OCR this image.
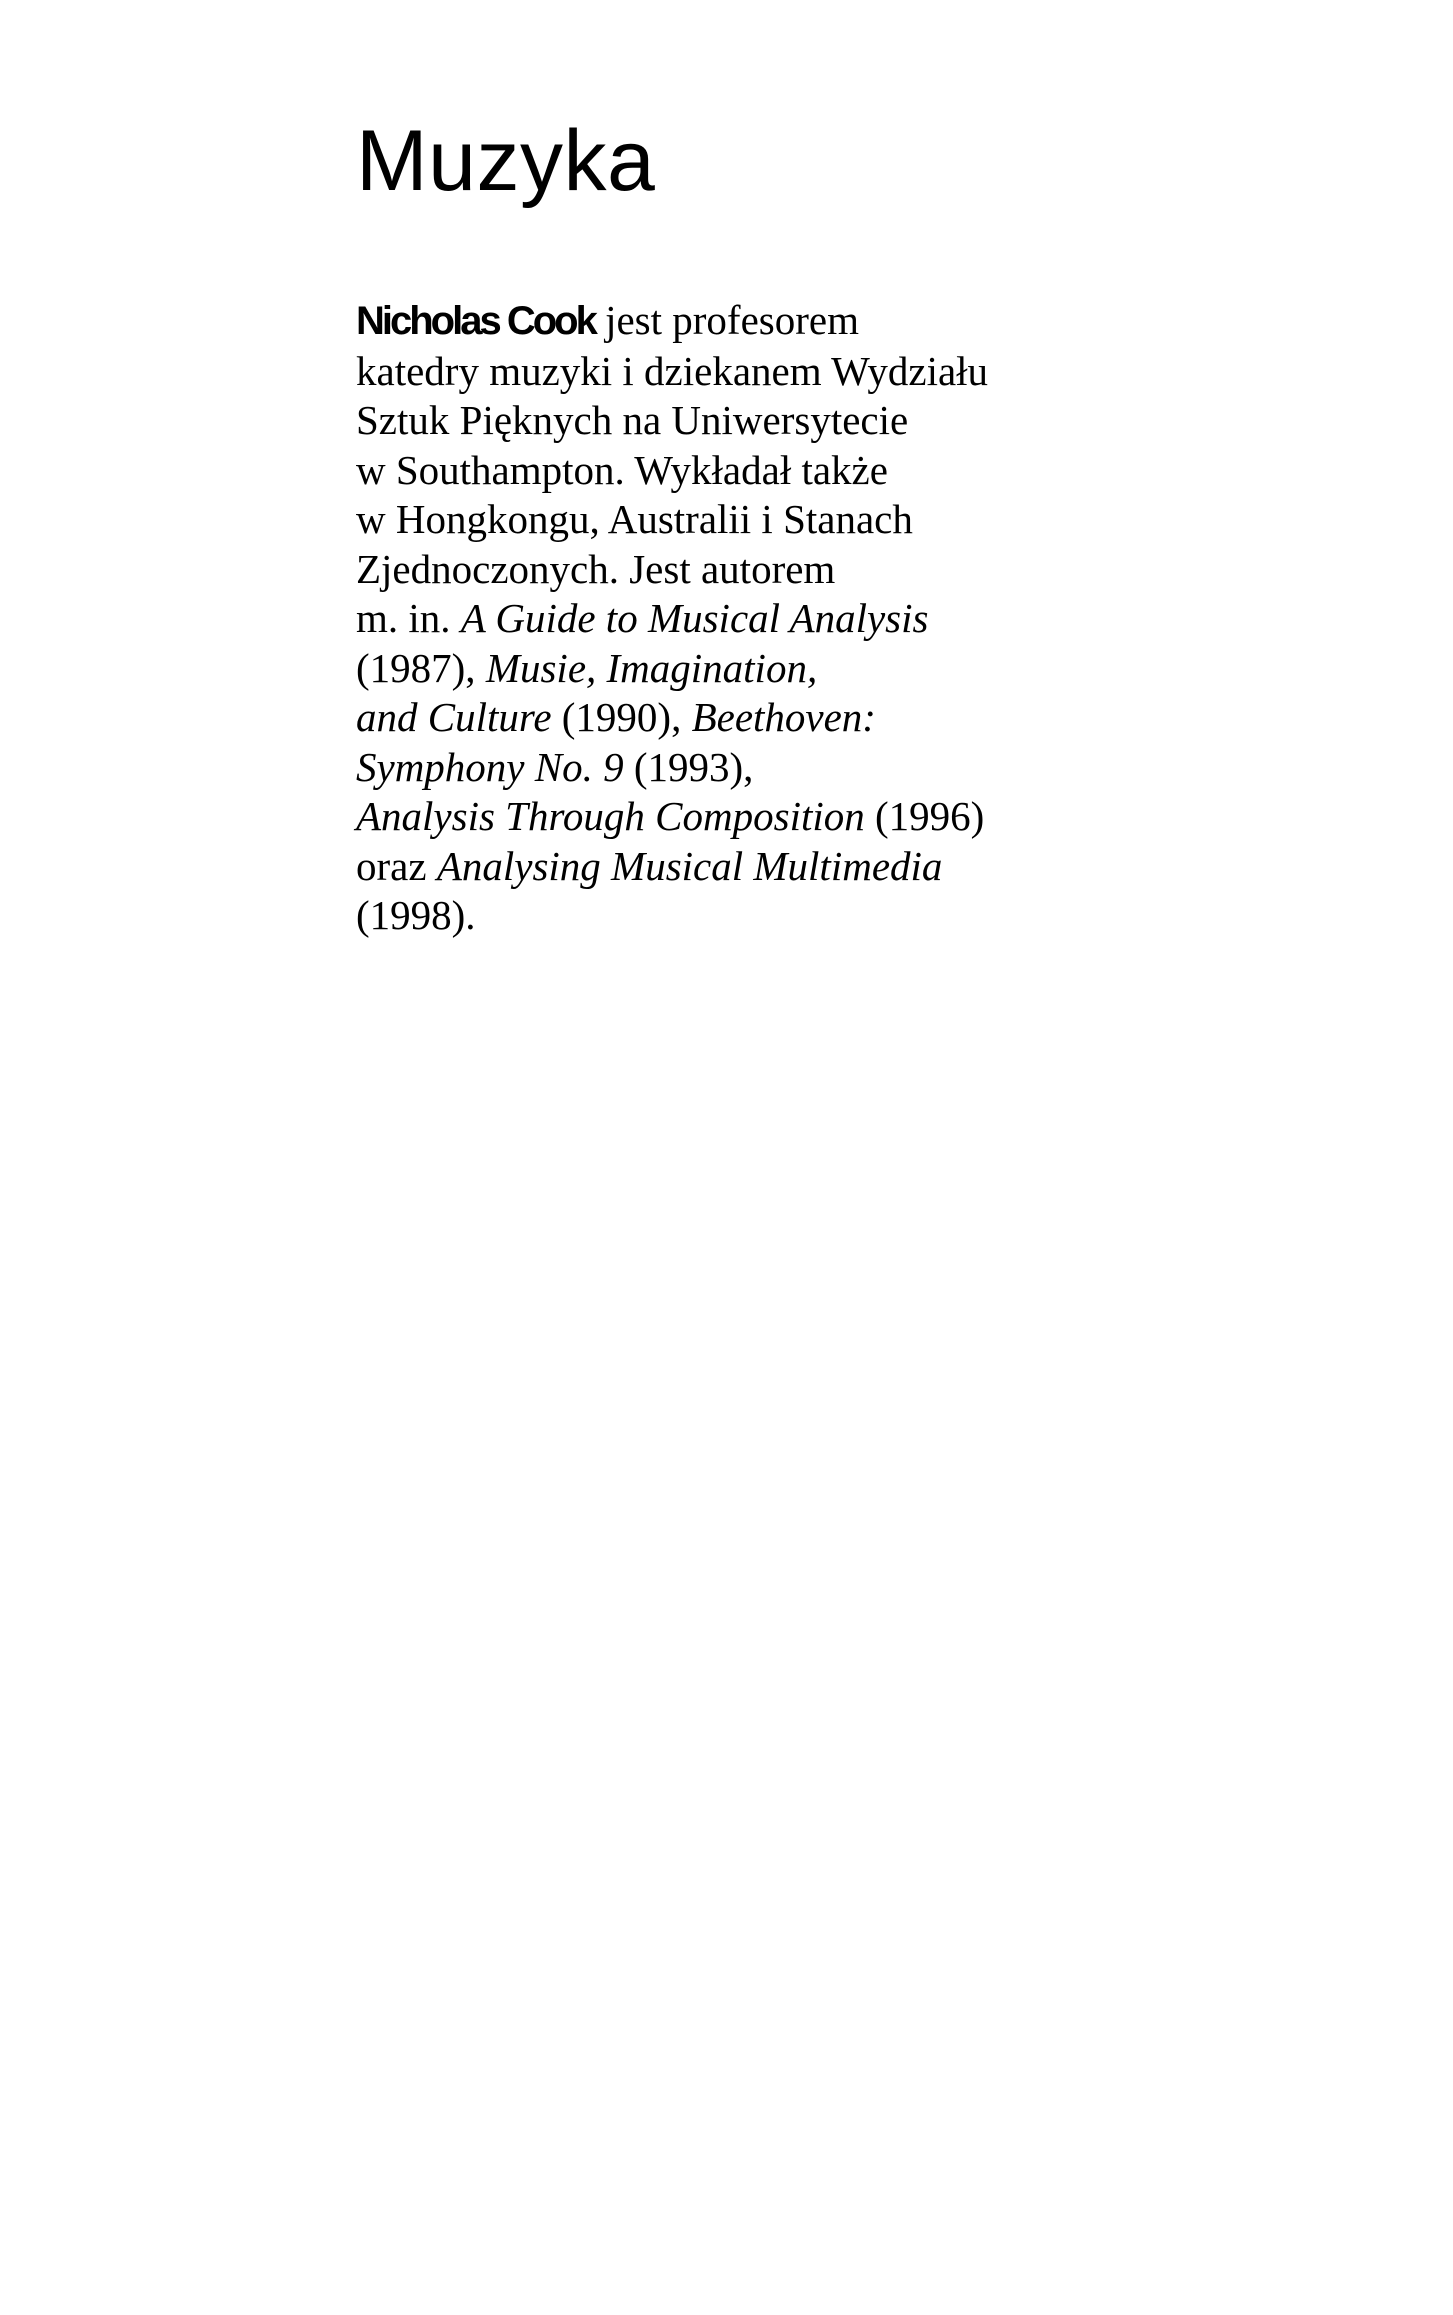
Muzyka
Nicholas Cook jest profesorem
katedry muzyki i dziekanem Wydziału
Sztuk Pięknych na Uniwersytecie
w Southampton. Wykładał także
w Hongkongu, Australii i Stanach
Zjednoczonych. Jest autorem
m. in. A Guide to Musical Analysis
(1987), Musie, Imagination,
and Culture (1990), Beethoven:
Symphony No. 9 (1993),
Analysis Through Composition (1996)
oraz Analysing Musical Multimedia
(1998).
